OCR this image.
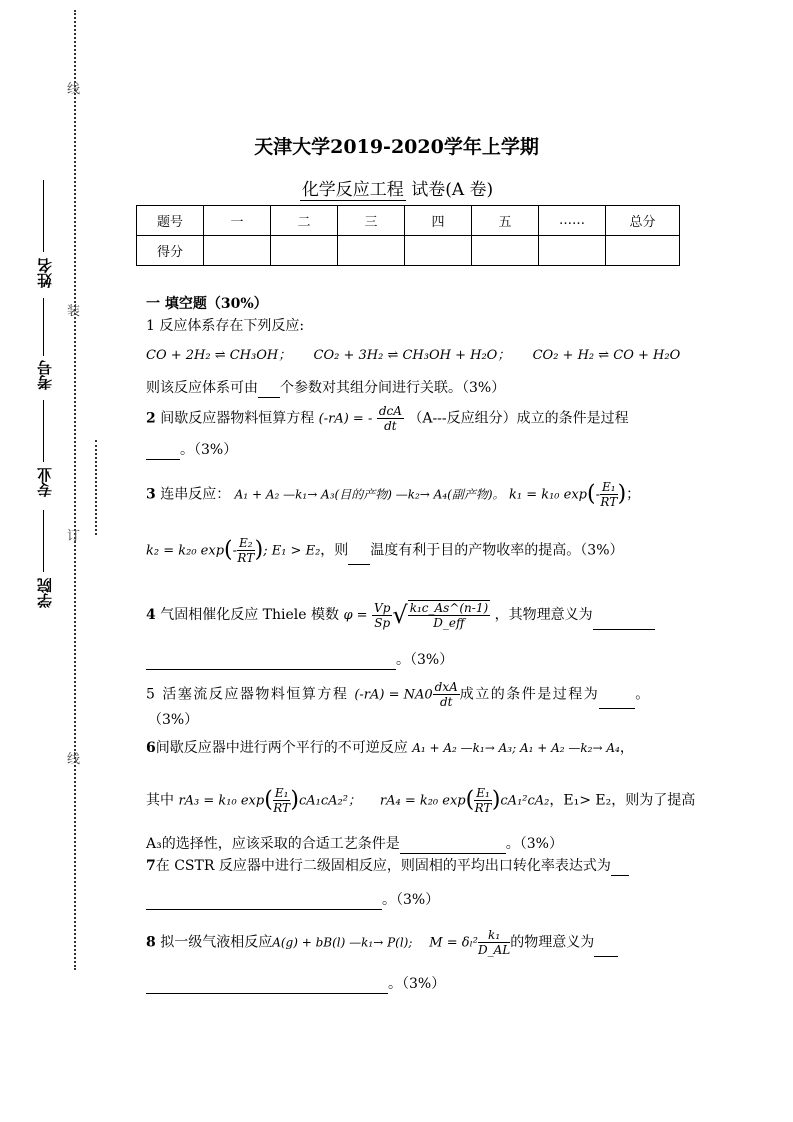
线
装
订
线
姓名
考号
专业
学院
天津大学2019-2020学年上学期
化学反应工程 试卷(A 卷)
题号	一	二	三	四	五	……	总分
得分							
一 填空题（30%）
1 反应体系存在下列反应:
CO + 2H₂ ⇌ CH₃OH； CO₂ + 3H₂ ⇌ CH₃OH + H₂O； CO₂ + H₂ ⇌ CO + H₂O
则该反应体系可由 个参数对其组分间进行关联。（3%）
2 间歇反应器物料恒算方程 (-rA) = - $\frac{\text{dcA}}{dt} (A---$反应组分）成立的条件是过程
。（3%）
3 连串反应： A₁ + A₂ —k₁→ A₃(目的产物) —k₂→ A₄(副产物)。 k₁ = k₁₀ $\exp(- \frac{\text{E₁}}{RT}$ )；
k₂ = k₂₀ $\exp(- \frac{\text{E₂}}{RT}$ ); E₁ > E₂，则 温度有利于目的产物收率的提高。（3%）
4 气固相催化反应 Thiele 模数 $\varphi = \frac{Vp}{Sp}$ √ $\frac{\text{k₁c\_As\textasciicircum{}(n-1)}}{\text{D\_eff}}$ ，其物理意义为
。（3%）
5 活塞流反应器物料恒算方程 $(-rA) = NA0 \frac{\text{dxA}}{dt}$ 成立的条件是过程为	。
（3%）
6间歇反应器中进行两个平行的不可逆反应 A₁ + A₂ —k₁→ A₃; A₁ + A₂ —k₂→ A₄，
其中 rA₃ = k₁₀ $\exp( \frac{\text{E₁}}{RT} )cA_1cA_2^2$； rA₄ = k₂₀ $\exp( \frac{\text{E₁}}{RT} )cA_1^2cA_2$，E₁> E₂，则为了提高
A₃的选择性，应该采取的合适工艺条件是	。（3%）
7在 CSTR 反应器中进行二级固相反应，则固相的平均出口转化率表达式为
。（3%）
8 拟一级气液相反应A(g) + bB(l) —k₁→ P(l); $M = \delta_l^2 \frac{\text{k₁}}{D\_AL}$ 的物理意义为
。（3%）
